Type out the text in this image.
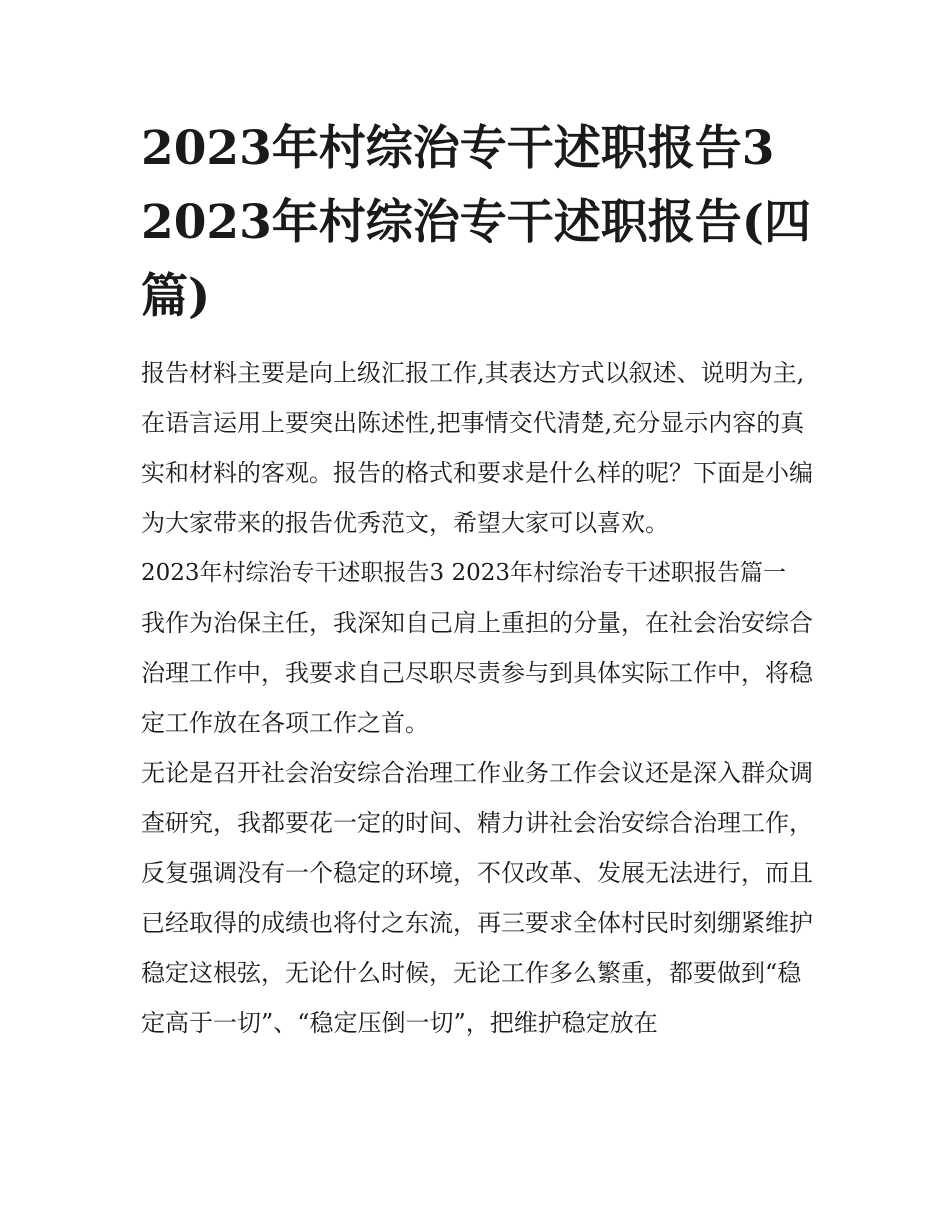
2023年村综治专干述职报告3 2023年村综治专干述职报告(四篇)

报告材料主要是向上级汇报工作,其表达方式以叙述、说明为主,在语言运用上要突出陈述性,把事情交代清楚,充分显示内容的真实和材料的客观。报告的格式和要求是什么样的呢？下面是小编为大家带来的报告优秀范文，希望大家可以喜欢。

2023年村综治专干述职报告3 2023年村综治专干述职报告篇一

我作为治保主任，我深知自己肩上重担的分量，在社会治安综合治理工作中，我要求自己尽职尽责参与到具体实际工作中，将稳定工作放在各项工作之首。

无论是召开社会治安综合治理工作业务工作会议还是深入群众调查研究，我都要花一定的时间、精力讲社会治安综合治理工作，反复强调没有一个稳定的环境，不仅改革、发展无法进行，而且已经取得的成绩也将付之东流，再三要求全体村民时刻绷紧维护稳定这根弦，无论什么时候，无论工作多么繁重，都要做到“稳定高于一切”、“稳定压倒一切”，把维护稳定放在
